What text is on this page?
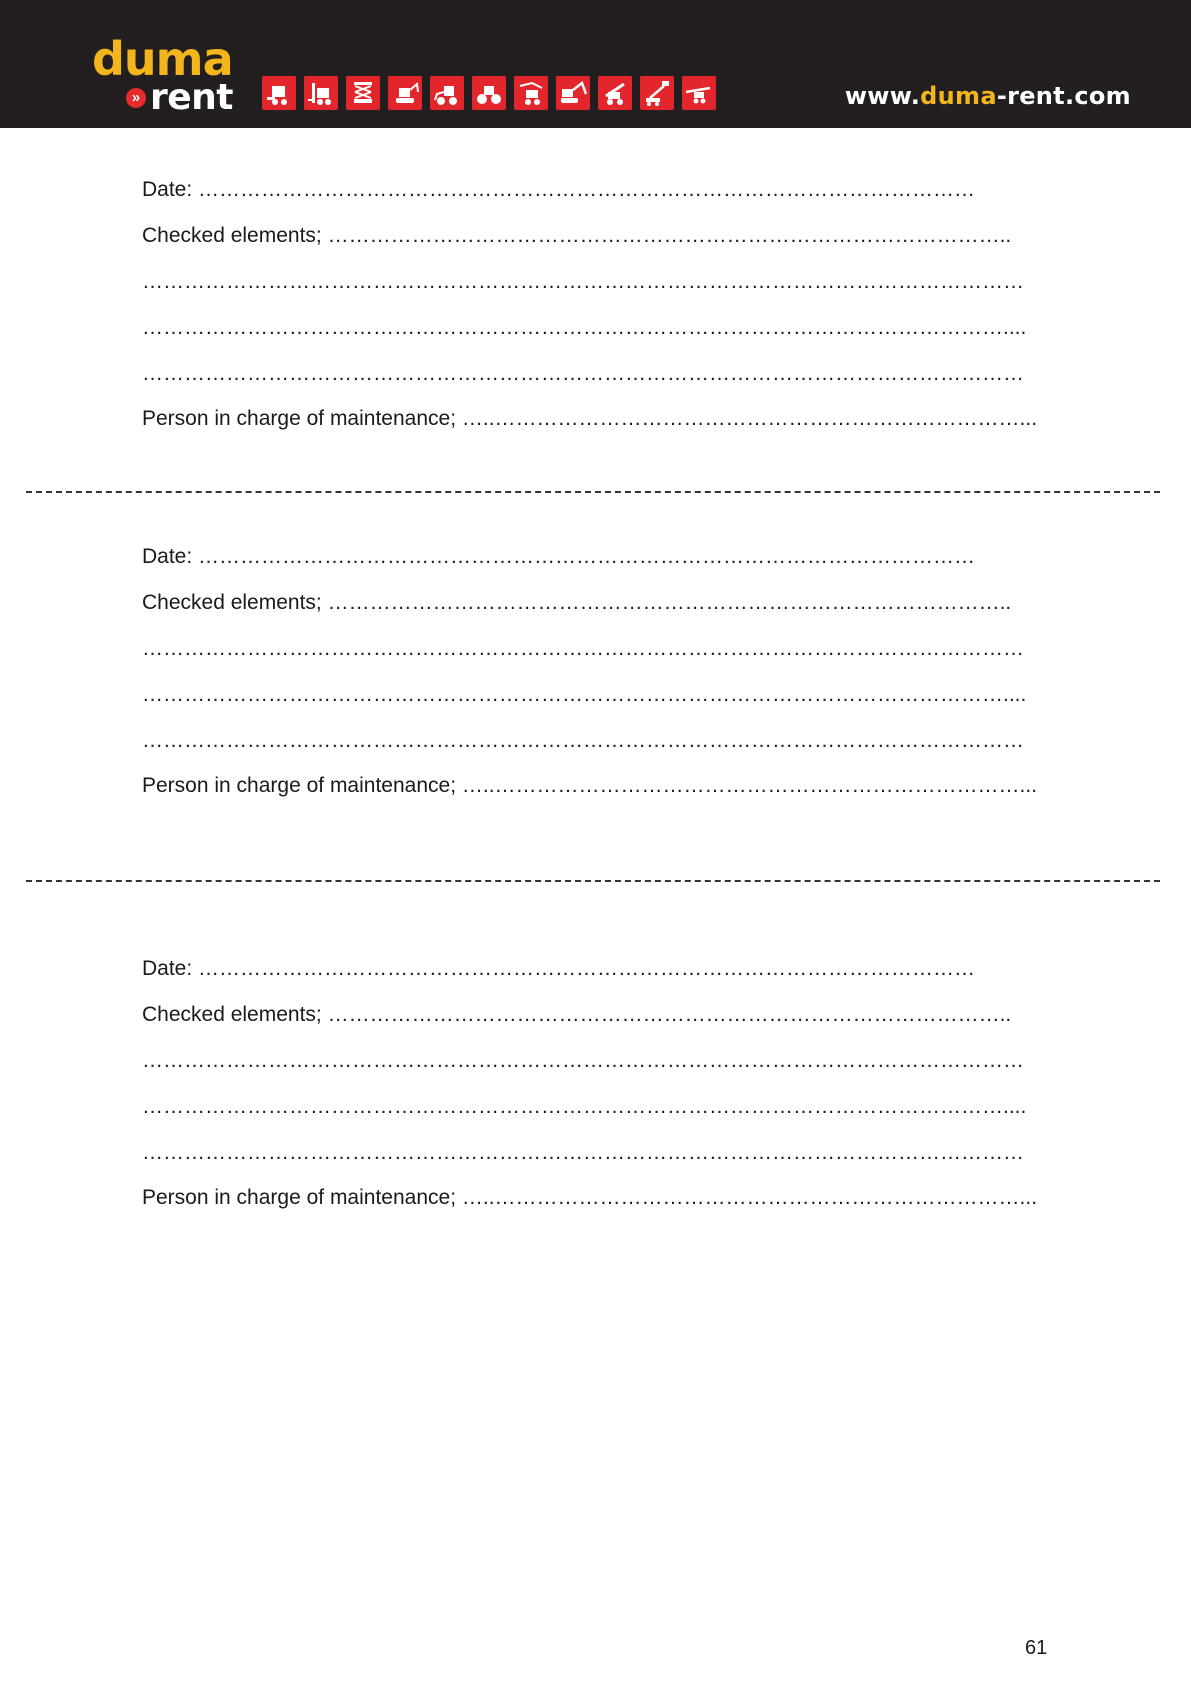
duma
» rent	www.duma-rent.com
Date: …………………………………………………………………………………………………
Checked elements; ……………………………………………………………………………………..
………………………………………………………………………………………………………………
……………………………………………………………………………………………………………....
………………………………………………………………………………………………………………
Person in charge of maintenance; …..…………………………………………………………………...
Date: …………………………………………………………………………………………………
Checked elements; ……………………………………………………………………………………..
………………………………………………………………………………………………………………
……………………………………………………………………………………………………………....
………………………………………………………………………………………………………………
Person in charge of maintenance; …..…………………………………………………………………...
Date: …………………………………………………………………………………………………
Checked elements; ……………………………………………………………………………………..
………………………………………………………………………………………………………………
……………………………………………………………………………………………………………....
………………………………………………………………………………………………………………
Person in charge of maintenance; …..…………………………………………………………………...
61
